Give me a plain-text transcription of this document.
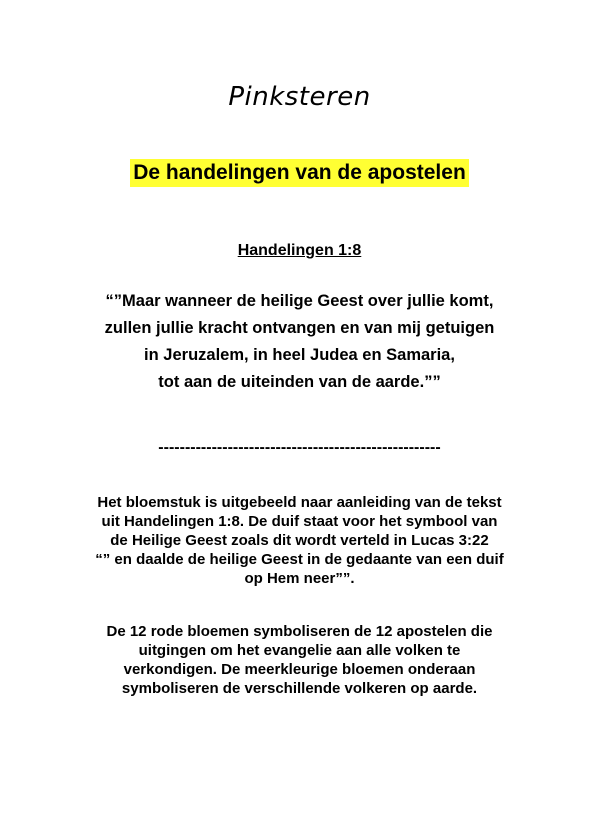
Pinksteren
De handelingen van de apostelen
Handelingen 1:8
“”Maar wanneer de heilige Geest over jullie komt,
zullen jullie kracht ontvangen en van mij getuigen
in Jeruzalem, in heel Judea en Samaria,
tot aan de uiteinden van de aarde.””
-----------------------------------------------------
Het bloemstuk is uitgebeeld naar aanleiding van de tekst
uit Handelingen 1:8. De duif staat voor het symbool van
de Heilige Geest zoals dit wordt verteld in Lucas 3:22
“” en daalde de heilige Geest in de gedaante van een duif
op Hem neer””.
De 12 rode bloemen symboliseren de 12 apostelen die
uitgingen om het evangelie aan alle volken te
verkondigen. De meerkleurige bloemen onderaan
symboliseren de verschillende volkeren op aarde.
